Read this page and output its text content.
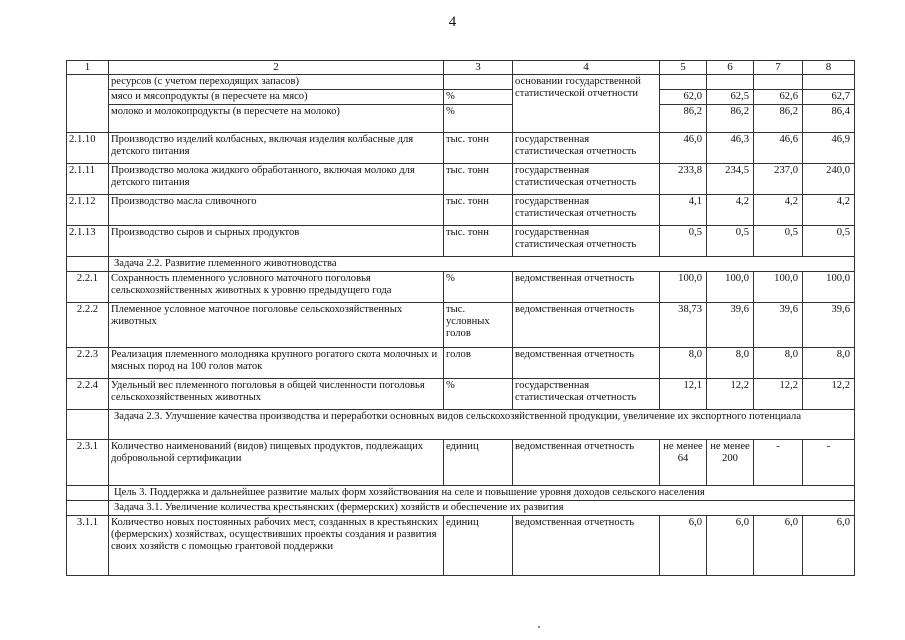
4
1	2	3	4	5	6	7	8
	ресурсов (с учетом переходящих запасов)		основании государственной статистической отчетности				
	мясо и мясопродукты (в пересчете на мясо)	%		62,0	62,5	62,6	62,7
	молоко и молокопродукты (в пересчете на молоко)	%		86,2	86,2	86,2	86,4
2.1.10	Производство изделий колбасных, включая изделия колбасные для детского питания	тыс. тонн	государственная статистическая отчетность	46,0	46,3	46,6	46,9
2.1.11	Производство молока жидкого обработанного, включая молоко для детского питания	тыс. тонн	государственная статистическая отчетность	233,8	234,5	237,0	240,0
2.1.12	Производство масла сливочного	тыс. тонн	государственная статистическая отчетность	4,1	4,2	4,2	4,2
2.1.13	Производство сыров и сырных продуктов	тыс. тонн	государственная статистическая отчетность	0,5	0,5	0,5	0,5
	Задача 2.2. Развитие племенного животноводства						
2.2.1	Сохранность племенного условного маточного поголовья сельскохозяйственных животных к уровню предыдущего года	%	ведомственная отчетность	100,0	100,0	100,0	100,0
2.2.2	Племенное условное маточное поголовье сельскохозяйственных животных	тыс. условных голов	ведомственная отчетность	38,73	39,6	39,6	39,6
2.2.3	Реализация племенного молодняка крупного рогатого скота молочных и мясных пород на 100 голов маток	голов	ведомственная отчетность	8,0	8,0	8,0	8,0
2.2.4	Удельный вес племенного поголовья в общей численности поголовья сельскохозяйственных животных	%	государственная статистическая отчетность	12,1	12,2	12,2	12,2
	Задача 2.3. Улучшение качества производства и переработки основных видов сельскохозяйственной продукции, увеличение их экспортного потенциала						
2.3.1	Количество наименований (видов) пищевых продуктов, подлежащих добровольной сертификации	единиц	ведомственная отчетность	не менее 64	не менее 200	-	-
	Цель 3. Поддержка и дальнейшее развитие малых форм хозяйствования на селе и повышение уровня доходов сельского населения						
	Задача 3.1. Увеличение количества крестьянских (фермерских) хозяйств и обеспечение их развития						
3.1.1	Количество новых постоянных рабочих мест, созданных в крестьянских (фермерских) хозяйствах, осуществивших проекты создания и развития своих хозяйств с помощью грантовой поддержки	единиц	ведомственная отчетность	6,0	6,0	6,0	6,0
